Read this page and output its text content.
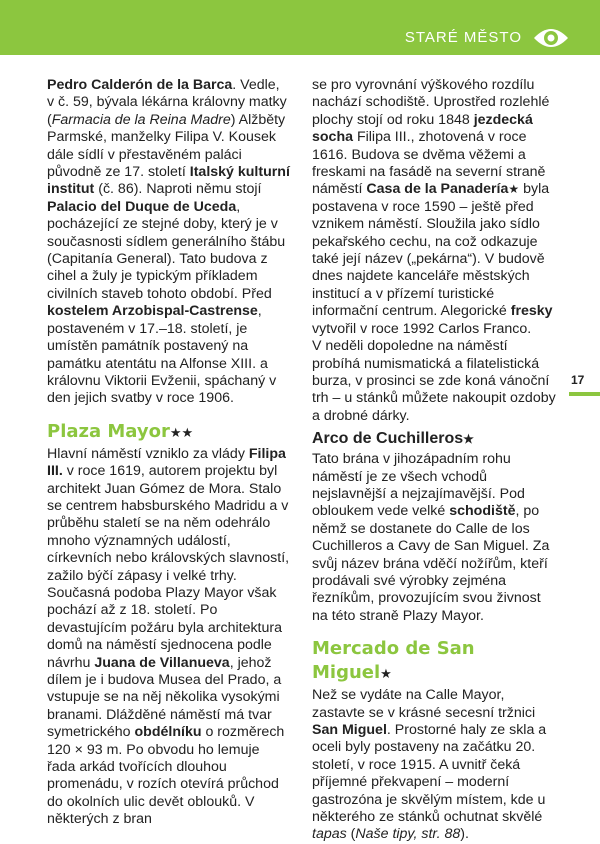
STARÉ MĚSTO

Pedro Calderón de la Barca. Vedle, v č. 59, bývala lékárna královny matky (Farmacia de la Reina Madre) Alžběty Parmské, manželky Filipa V. Kousek dále sídlí v přestavěném paláci původně ze 17. století Italský kulturní institut (č. 86). Naproti němu stojí Palacio del Duque de Uceda, pocházející ze stejné doby, který je v současnosti sídlem generálního štábu (Capitanía General). Tato budova z cihel a žuly je typickým příkladem civilních staveb tohoto období. Před kostelem Arzobispal-Castrense, postaveném v 17.–18. století, je umístěn památník postavený na památku atentátu na Alfonse XIII. a královnu Viktorii Evženii, spáchaný v den jejich svatby v roce 1906.

Plaza Mayor★★

Hlavní náměstí vzniklo za vlády Filipa III. v roce 1619, autorem projektu byl architekt Juan Gómez de Mora. Stalo se centrem habsburského Madridu a v průběhu staletí se na něm odehrálo mnoho významných událostí, církevních nebo královských slavností, zažilo býčí zápasy i velké trhy. Současná podoba Plazy Mayor však pochází až z 18. století. Po devastujícím požáru byla architektura domů na náměstí sjednocena podle návrhu Juana de Villanueva, jehož dílem je i budova Musea del Prado, a vstupuje se na něj několika vysokými branami. Dlážděné náměstí má tvar symetrického obdélníku o rozměrech 120 × 93 m. Po obvodu ho lemuje řada arkád tvořících dlouhou promenádu, v rozích otevírá průchod do okolních ulic devět oblouků. V některých z bran

se pro vyrovnání výškového rozdílu nachází schodiště. Uprostřed rozlehlé plochy stojí od roku 1848 jezdecká socha Filipa III., zhotovená v roce 1616. Budova se dvěma věžemi a freskami na fasádě na severní straně náměstí Casa de la Panadería★ byla postavena v roce 1590 – ještě před vznikem náměstí. Sloužila jako sídlo pekařského cechu, na což odkazuje také její název („pekárna“). V budově dnes najdete kanceláře městských institucí a v přízemí turistické informační centrum. Alegorické fresky vytvořil v roce 1992 Carlos Franco.

V neděli dopoledne na náměstí probíhá numismatická a filatelistická burza, v prosinci se zde koná vánoční trh – u stánků můžete nakoupit ozdoby a drobné dárky.

Arco de Cuchilleros★

Tato brána v jihozápadním rohu náměstí je ze všech vchodů nejslavnější a nejzajímavější. Pod obloukem vede velké schodiště, po němž se dostanete do Calle de los Cuchilleros a Cavy de San Miguel. Za svůj název brána vděčí nožířům, kteří prodávali své výrobky zejména řezníkům, provozujícím svou živnost na této straně Plazy Mayor.

Mercado de San Miguel★

Než se vydáte na Calle Mayor, zastavte se v krásné secesní tržnici San Miguel. Prostorné haly ze skla a oceli byly postaveny na začátku 20. století, v roce 1915. A uvnitř čeká příjemné překvapení – moderní gastrozóna je skvělým místem, kde u některého ze stánků ochutnat skvělé tapas (Naše tipy, str. 88).

17
